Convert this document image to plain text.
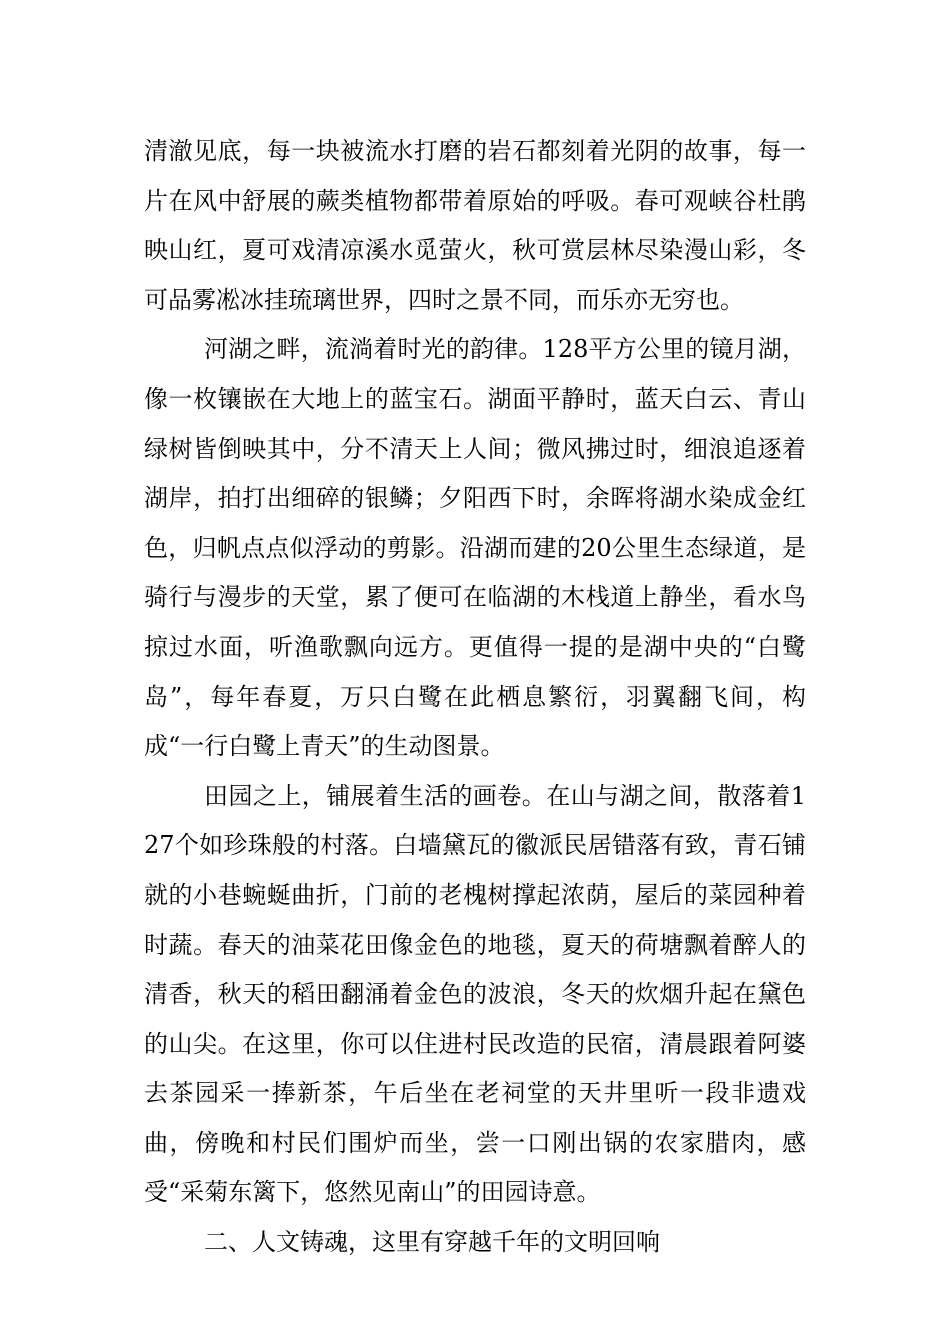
清澈见底，每一块被流水打磨的岩石都刻着光阴的故事，每一片在风中舒展的蕨类植物都带着原始的呼吸。春可观峡谷杜鹃映山红，夏可戏清凉溪水觅萤火，秋可赏层林尽染漫山彩，冬可品雾凇冰挂琉璃世界，四时之景不同，而乐亦无穷也。

河湖之畔，流淌着时光的韵律。128平方公里的镜月湖，像一枚镶嵌在大地上的蓝宝石。湖面平静时，蓝天白云、青山绿树皆倒映其中，分不清天上人间；微风拂过时，细浪追逐着湖岸，拍打出细碎的银鳞；夕阳西下时，余晖将湖水染成金红色，归帆点点似浮动的剪影。沿湖而建的20公里生态绿道，是骑行与漫步的天堂，累了便可在临湖的木栈道上静坐，看水鸟掠过水面，听渔歌飘向远方。更值得一提的是湖中央的“白鹭岛”，每年春夏，万只白鹭在此栖息繁衍，羽翼翻飞间，构成“一行白鹭上青天”的生动图景。

田园之上，铺展着生活的画卷。在山与湖之间，散落着127个如珍珠般的村落。白墙黛瓦的徽派民居错落有致，青石铺就的小巷蜿蜒曲折，门前的老槐树撑起浓荫，屋后的菜园种着时蔬。春天的油菜花田像金色的地毯，夏天的荷塘飘着醉人的清香，秋天的稻田翻涌着金色的波浪，冬天的炊烟升起在黛色的山尖。在这里，你可以住进村民改造的民宿，清晨跟着阿婆去茶园采一捧新茶，午后坐在老祠堂的天井里听一段非遗戏曲，傍晚和村民们围炉而坐，尝一口刚出锅的农家腊肉，感受“采菊东篱下，悠然见南山”的田园诗意。

二、人文铸魂，这里有穿越千年的文明回响
